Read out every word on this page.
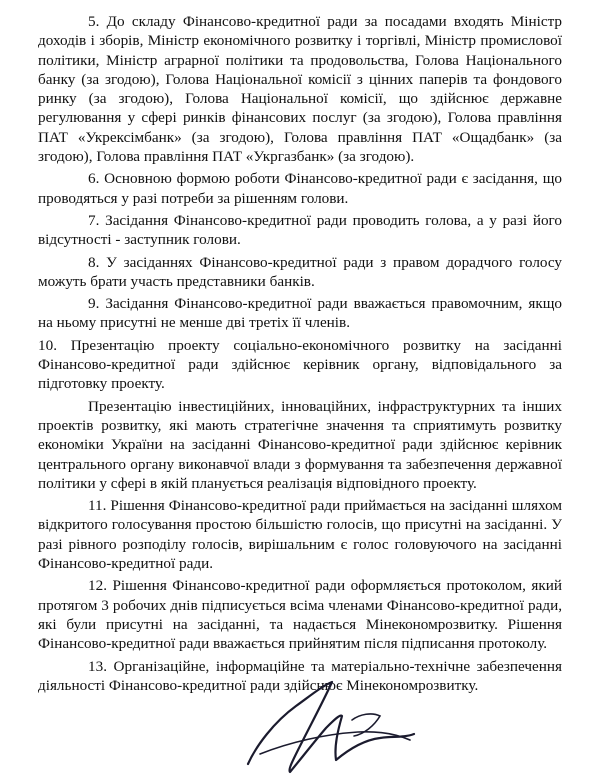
5. До складу Фінансово-кредитної ради за посадами входять Міністр доходів і зборів, Міністр економічного розвитку і торгівлі, Міністр промислової політики, Міністр аграрної політики та продовольства, Голова Національного банку (за згодою), Голова Національної комісії з цінних паперів та фондового ринку (за згодою), Голова Національної комісії, що здійснює державне регулювання у сфері ринків фінансових послуг (за згодою), Голова правління ПАТ «Укрексімбанк» (за згодою), Голова правління ПАТ «Ощадбанк» (за згодою), Голова правління ПАТ «Укргазбанк» (за згодою).

6. Основною формою роботи Фінансово-кредитної ради є засідання, що проводяться у разі потреби за рішенням голови.

7. Засідання Фінансово-кредитної ради проводить голова, а у разі його відсутності - заступник голови.

8. У засіданнях Фінансово-кредитної ради з правом дорадчого голосу можуть брати участь представники банків.

9. Засідання Фінансово-кредитної ради вважається правомочним, якщо на ньому присутні не менше дві третіх її членів.

10. Презентацію проекту соціально-економічного розвитку на засіданні Фінансово-кредитної ради здійснює керівник органу, відповідального за підготовку проекту.

Презентацію інвестиційних, інноваційних, інфраструктурних та інших проектів розвитку, які мають стратегічне значення та сприятимуть розвитку економіки України на засіданні Фінансово-кредитної ради здійснює керівник центрального органу виконавчої влади з формування та забезпечення державної політики у сфері в якій планується реалізація відповідного проекту.

11. Рішення Фінансово-кредитної ради приймається на засіданні шляхом відкритого голосування простою більшістю голосів, що присутні на засіданні. У разі рівного розподілу голосів, вирішальним є голос головуючого на засіданні Фінансово-кредитної ради.

12. Рішення Фінансово-кредитної ради оформляється протоколом, який протягом 3 робочих днів підписується всіма членами Фінансово-кредитної ради, які були присутні на засіданні, та надається Мінекономрозвитку. Рішення Фінансово-кредитної ради вважається прийнятим після підписання протоколу.

13. Організаційне, інформаційне та матеріально-технічне забезпечення діяльності Фінансово-кредитної ради здійснює Мінекономрозвитку.
